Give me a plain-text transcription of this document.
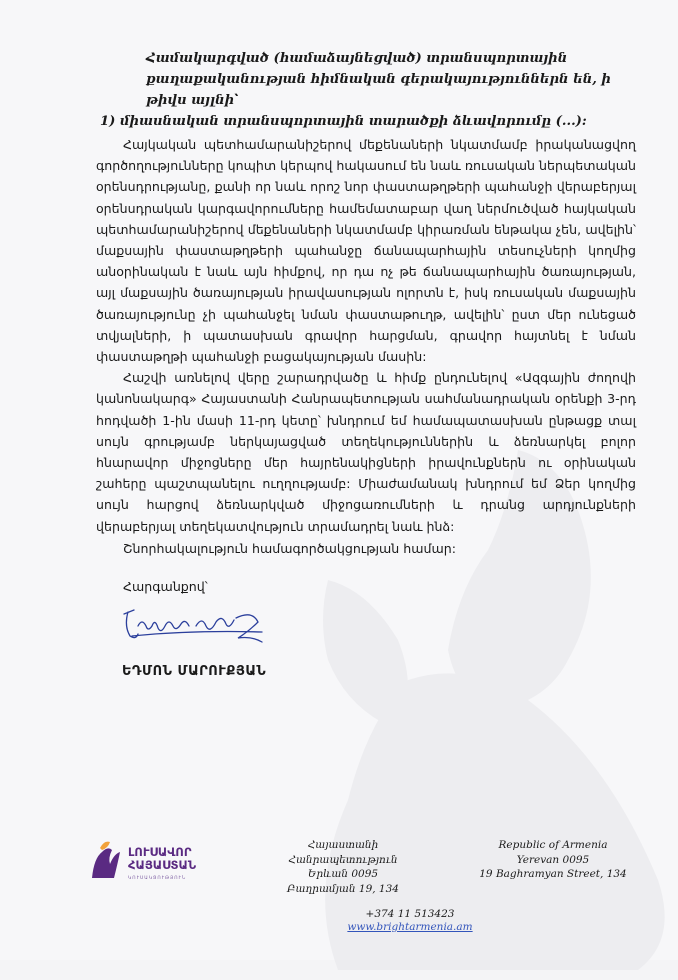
Համակարգված (համաձայնեցված) տրանսպորտային քաղաքականության հիմնական գերակայություններն են, ի թիվս այլնի՝

1) միասնական տրանսպորտային տարածքի ձևավորումը (...):

Հայկական պետհամարանիշերով մեքենաների նկատմամբ իրականացվող գործողությունները կոպիտ կերպով հակասում են նաև ռուսական ներպետական օրենսդրությանը, քանի որ նաև որոշ նոր փաստաթղթերի պահանջի վերաբերյալ օրենսդրական կարգավորումները համեմատաբար վաղ ներմուծված հայկական պետհամարանիշերով մեքենաների նկատմամբ կիրառման ենթակա չեն, ավելին՝ մաքսային փաստաթղթերի պահանջը ճանապարհային տեսուչների կողմից անօրինական է նաև այն հիմքով, որ դա ոչ թե ճանապարհային ծառայության, այլ մաքսային ծառայության իրավասության ոլորտն է, իսկ ռուսական մաքսային ծառայությունը չի պահանջել նման փաստաթուղթ, ավելին՝ ըստ մեր ունեցած տվյալների, ի պատասխան գրավոր հարցման, գրավոր հայտնել է նման փաստաթղթի պահանջի բացակայության մասին:

Հաշվի առնելով վերը շարադրվածը և հիմք ընդունելով «Ազգային ժողովի կանոնակարգ» Հայաստանի Հանրապետության սահմանադրական օրենքի 3-րդ հոդվածի 1-ին մասի 11-րդ կետը՝ խնդրում եմ համապատասխան ընթացք տալ սույն գրությամբ ներկայացված տեղեկություններին և ձեռնարկել բոլոր հնարավոր միջոցները մեր հայրենակիցների իրավունքներն ու օրինական շահերը պաշտպանելու ուղղությամբ: Միաժամանակ խնդրում եմ Ձեր կողմից սույն հարցով ձեռնարկված միջոցառումների և դրանց արդյունքների վերաբերյալ տեղեկատվություն տրամադրել նաև ինձ:

Շնորհակալություն համագործակցության համար:

Հարգանքով՝

ԵԴՄՈՆ ՄԱՐՈՒՔՅԱՆ
ԼՈՒՍԱՎՈՐ
ՀԱՅԱՍՏԱՆ
ԿՈՒՍԱԿՑՈՒԹՅՈՒՆ
Հայաստանի Հանրապետություն
Երևան 0095
Բաղրամյան 19, 134
Republic of Armenia
Yerevan 0095
19 Baghramyan Street, 134
+374 11 513423
www.brightarmenia.am
